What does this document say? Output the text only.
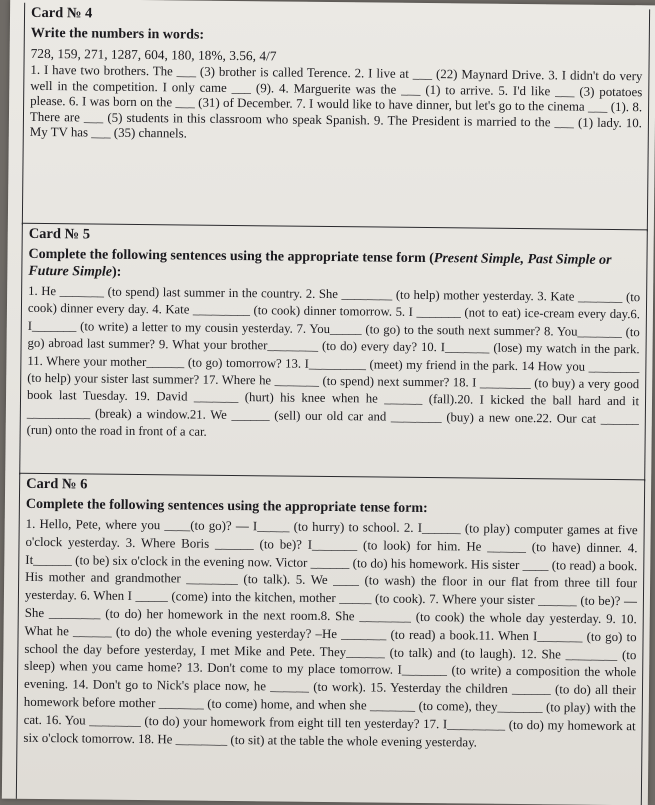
Card № 4
Write the numbers in words:

728, 159, 271, 1287, 604, 180, 18%, 3.56, 4/7

1. I have two brothers. The ___ (3) brother is called Terence. 2. I live at ___ (22) Maynard Drive. 3. I didn't do very well in the competition. I only came ___ (9). 4. Marguerite was the ___ (1) to arrive. 5. I'd like ___ (3) potatoes please. 6. I was born on the ___ (31) of December. 7. I would like to have dinner, but let's go to the cinema ___ (1). 8. There are ___ (5) students in this classroom who speak Spanish. 9. The President is married to the ___ (1) lady. 10. My TV has ___ (35) channels.

Card № 5
Complete the following sentences using the appropriate tense form (Present Simple, Past Simple or Future Simple):

1. He _______ (to spend) last summer in the country. 2. She ________ (to help) mother yesterday. 3. Kate _______ (to cook) dinner every day. 4. Kate _________ (to cook) dinner tomorrow. 5. I _______ (not to eat) ice-cream every day.6. I_______ (to write) a letter to my cousin yesterday. 7. You_____ (to go) to the south next summer? 8. You_______ (to go) abroad last summer? 9. What your brother________ (to do) every day? 10. I_______ (lose) my watch in the park. 11. Where your mother______ (to go) tomorrow? 13. I_________ (meet) my friend in the park. 14 How you ________ (to help) your sister last summer? 17. Where he _______ (to spend) next summer? 18. I ________ (to buy) a very good book last Tuesday. 19. David _______ (hurt) his knee when he ______ (fall).20. I kicked the ball hard and it __________ (break) a window.21. We ______ (sell) our old car and ________ (buy) a new one.22. Our cat ______ (run) onto the road in front of a car.

Card № 6
Complete the following sentences using the appropriate tense form:

1. Hello, Pete, where you ____(to go)? — I_____ (to hurry) to school. 2. I______ (to play) computer games at five o'clock yesterday. 3. Where Boris ______ (to be)? I_______ (to look) for him. He ______ (to have) dinner. 4. It______ (to be) six o'clock in the evening now. Victor ______ (to do) his homework. His sister ____ (to read) a book. His mother and grandmother ________ (to talk). 5. We ____ (to wash) the floor in our flat from three till four yesterday. 6. When I _____ (come) into the kitchen, mother _____ (to cook). 7. Where your sister ______ (to be)? — She ________ (to do) her homework in the next room.8. She ________ (to cook) the whole day yesterday. 9. 10. What he ______ (to do) the whole evening yesterday? –He _______ (to read) a book.11. When I_______ (to go) to school the day before yesterday, I met Mike and Pete. They______ (to talk) and (to laugh). 12. She ________ (to sleep) when you came home? 13. Don't come to my place tomorrow. I_______ (to write) a composition the whole evening. 14. Don't go to Nick's place now, he ______ (to work). 15. Yesterday the children ______ (to do) all their homework before mother _______ (to come) home, and when she _______ (to come), they_______ (to play) with the cat. 16. You ________ (to do) your homework from eight till ten yesterday? 17. I_________ (to do) my homework at six o'clock tomorrow. 18. He ________ (to sit) at the table the whole evening yesterday.
